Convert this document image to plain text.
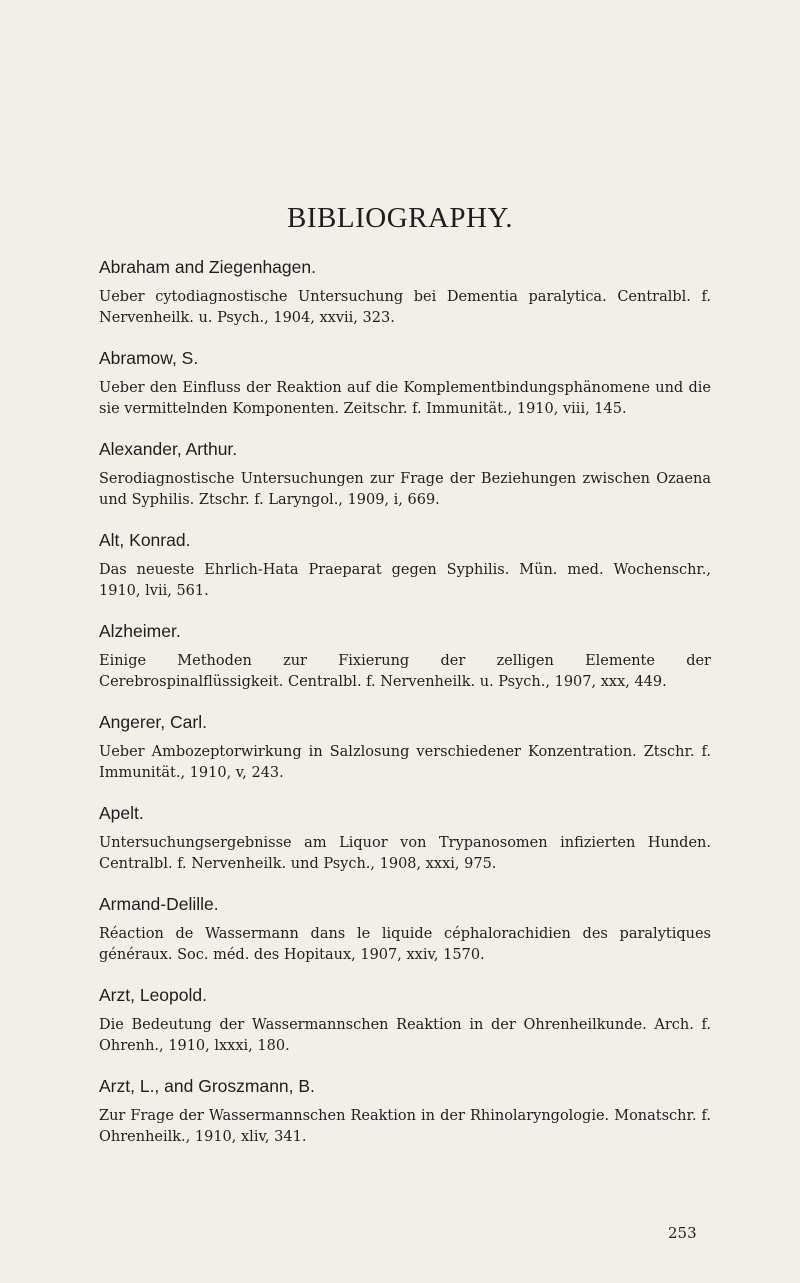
BIBLIOGRAPHY.
Abraham and Ziegenhagen.

Ueber cytodiagnostische Untersuchung bei Dementia paralytica. Centralbl. f. Nervenheilk. u. Psych., 1904, xxvii, 323.

Abramow, S.

Ueber den Einfluss der Reaktion auf die Komplementbindungsphänomene und die sie vermittelnden Komponenten. Zeitschr. f. Immunität., 1910, viii, 145.

Alexander, Arthur.

Serodiagnostische Untersuchungen zur Frage der Beziehungen zwischen Ozaena und Syphilis. Ztschr. f. Laryngol., 1909, i, 669.

Alt, Konrad.

Das neueste Ehrlich-Hata Praeparat gegen Syphilis. Mün. med. Wochenschr., 1910, lvii, 561.

Alzheimer.

Einige Methoden zur Fixierung der zelligen Elemente der Cerebrospinalflüssigkeit. Centralbl. f. Nervenheilk. u. Psych., 1907, xxx, 449.

Angerer, Carl.

Ueber Ambozeptorwirkung in Salzlosung verschiedener Konzentration. Ztschr. f. Immunität., 1910, v, 243.

Apelt.

Untersuchungsergebnisse am Liquor von Trypanosomen infizierten Hunden. Centralbl. f. Nervenheilk. und Psych., 1908, xxxi, 975.

Armand-Delille.

Réaction de Wassermann dans le liquide céphalorachidien des paralytiques généraux. Soc. méd. des Hopitaux, 1907, xxiv, 1570.

Arzt, Leopold.

Die Bedeutung der Wassermannschen Reaktion in der Ohrenheilkunde. Arch. f. Ohrenh., 1910, lxxxi, 180.

Arzt, L., and Groszmann, B.

Zur Frage der Wassermannschen Reaktion in der Rhinolaryngologie. Monatschr. f. Ohrenheilk., 1910, xliv, 341.

253
